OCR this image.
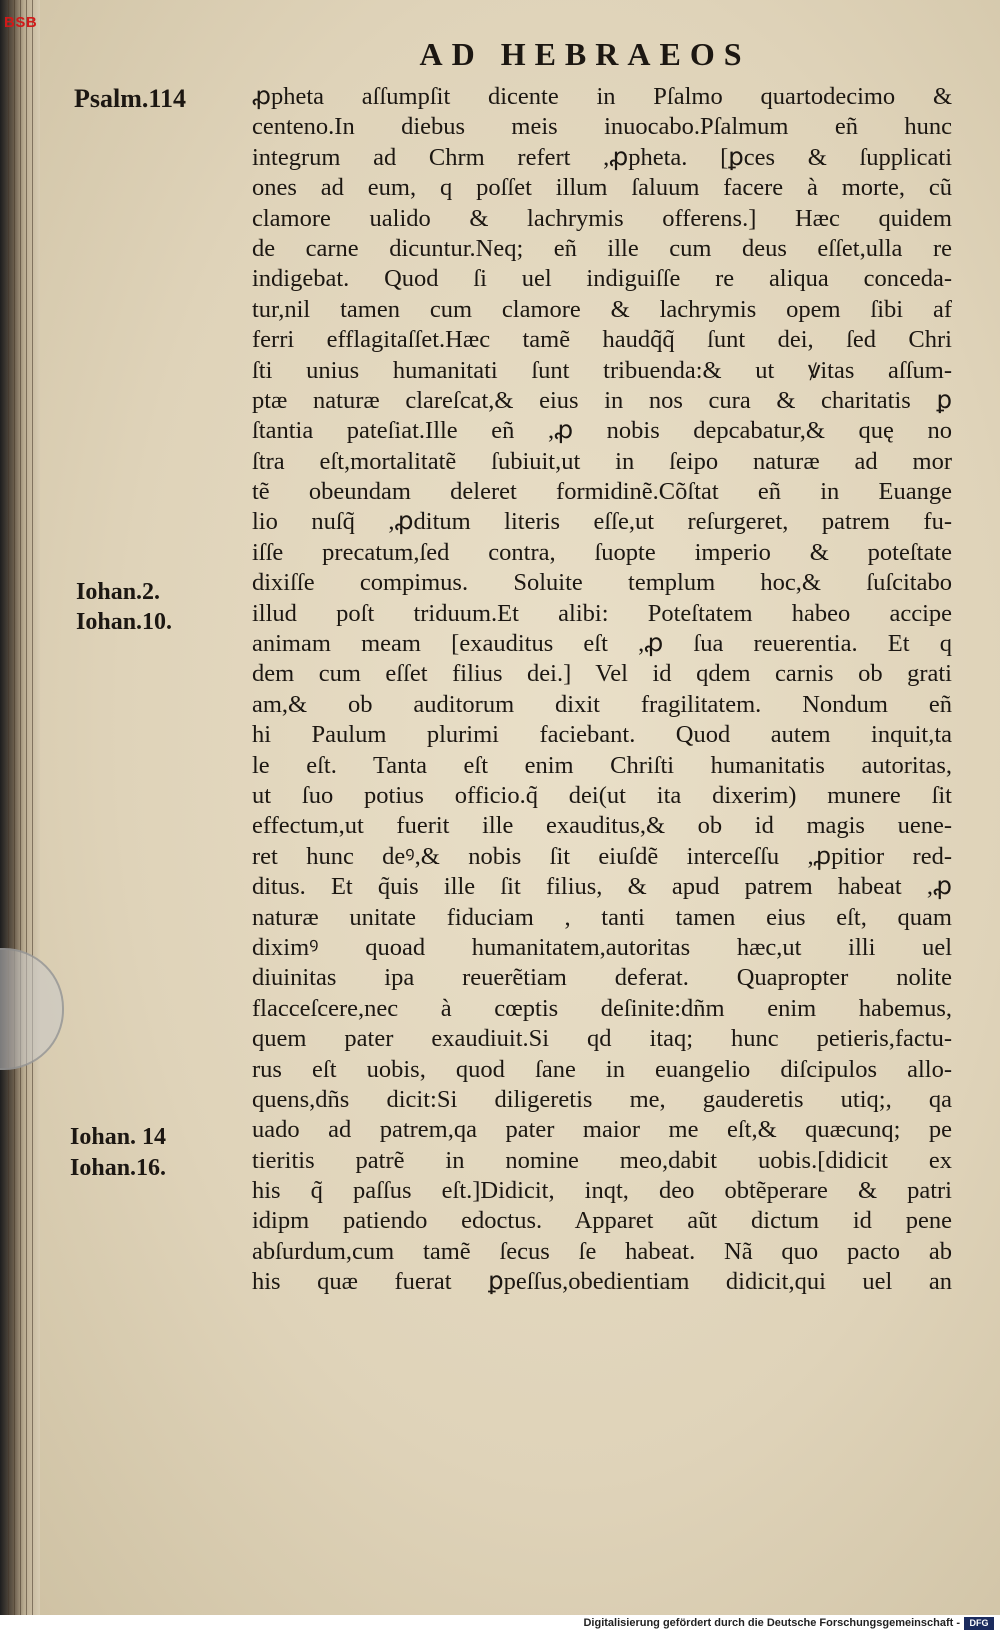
AD HEBRAEOS
Psalm.114
Iohan.2.
Iohan.10.
Iohan. 14
Iohan.16.
ꝓpheta aſſumpſit dicente in Pſalmo quartodecimo &
centeno.In diebus meis inuocabo.Pſalmum eñ hunc
integrum ad Chrm refert ,ꝓpheta. [ꝑces & ſupplicati
ones ad eum, q poſſet illum ſaluum facere à morte, cũ
clamore ualido & lachrymis offerens.] Hæc quidem
de carne dicuntur.Neq; eñ ille cum deus eſſet,ulla re
indigebat. Quod ſi uel indiguiſſe re aliqua conceda-
tur,nil tamen cum clamore & lachrymis opem ſibi af
ferri efflagitaſſet.Hæc tamẽ haudq̃q̃ ſunt dei, ſed Chri
ſti unius humanitati ſunt tribuenda:& ut ꝟitas aſſum-
ptæ naturæ clareſcat,& eius in nos cura & charitatis ꝑ
ſtantia pateſiat.Ille eñ ,ꝓ nobis depcabatur,& quę no
ſtra eſt,mortalitatẽ ſubiuit,ut in ſeipo naturæ ad mor
tẽ obeundam deleret formidinẽ.Cõſtat eñ in Euange
lio nuſq̃ ,ꝓditum literis eſſe,ut reſurgeret, patrem fu-
iſſe precatum,ſed contra, ſuopte imperio & poteſtate
dixiſſe compimus. Soluite templum hoc,& ſuſcitabo
illud poſt triduum.Et alibi: Poteſtatem habeo accipe
animam meam [exauditus eſt ,ꝓ ſua reuerentia. Et q
dem cum eſſet filius dei.] Vel id qdem carnis ob grati
am,& ob auditorum dixit fragilitatem. Nondum eñ
hi Paulum plurimi faciebant. Quod autem inquit,ta
le eſt. Tanta eſt enim Chriſti humanitatis autoritas,
ut ſuo potius officio.q̃ dei(ut ita dixerim) munere ſit
effectum,ut fuerit ille exauditus,& ob id magis uene-
ret hunc deꝰ,& nobis ſit eiuſdẽ interceſſu ,ꝓpitior red-
ditus. Et q̃uis ille ſit filius, & apud patrem habeat ,ꝓ
naturæ unitate fiduciam , tanti tamen eius eſt, quam
diximꝰ quoad humanitatem,autoritas hæc,ut illi uel
diuinitas ipa reuerẽtiam deferat. Quapropter nolite
flacceſcere,nec à cœptis deſinite:dñm enim habemus,
quem pater exaudiuit.Si qd itaq; hunc petieris,factu-
rus eſt uobis, quod ſane in euangelio diſcipulos allo-
quens,dñs dicit:Si diligeretis me, gauderetis utiq;, qa
uado ad patrem,qa pater maior me eſt,& quæcunq; pe
tieritis patrẽ in nomine meo,dabit uobis.[didicit ex
his q̃ paſſus eſt.]Didicit, inqt, deo obtẽperare & patri
idipm patiendo edoctus. Apparet aũt dictum id pene
abſurdum,cum tamẽ ſecus ſe habeat. Nã quo pacto ab
his quæ fuerat ꝑpeſſus,obedientiam didicit,qui uel an
BSB
Digitalisierung gefördert durch die Deutsche Forschungsgemeinschaft -	DFG
